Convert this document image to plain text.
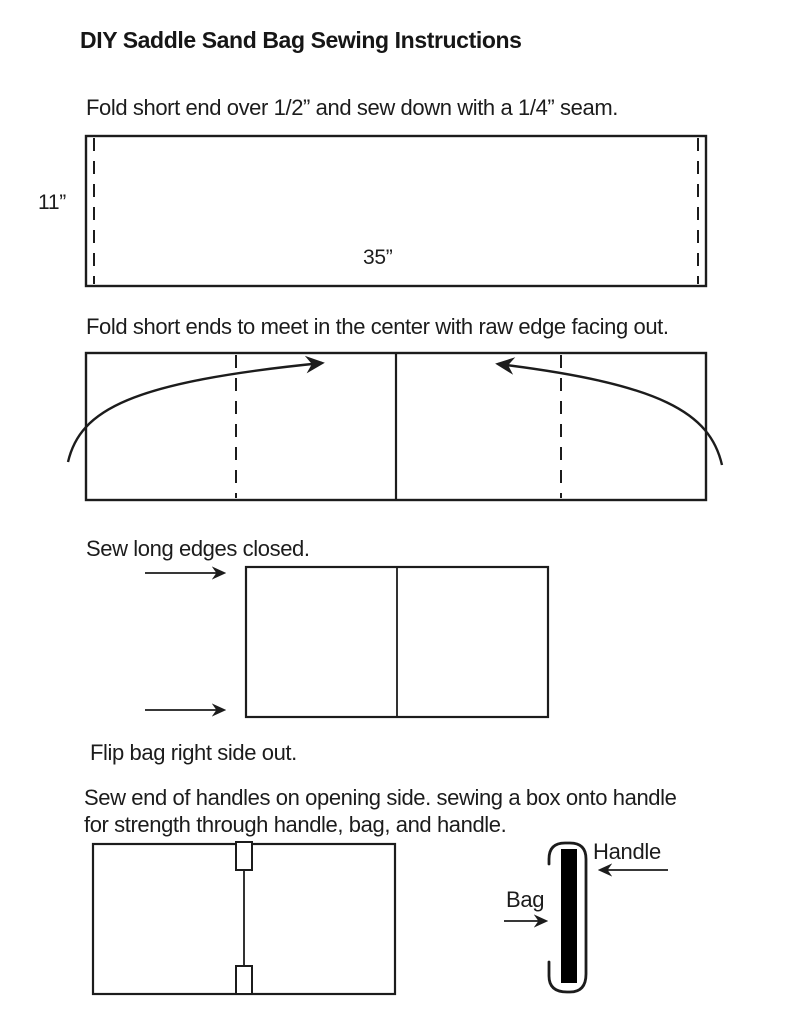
DIY Saddle Sand Bag Sewing Instructions
Fold short end over 1/2” and sew down with a 1/4” seam.
11”
35”
Fold short ends to meet in the center with raw edge facing out.
Sew long edges closed.
Flip bag right side out.
Sew end of handles on opening side. sewing a box onto handle
for strength through handle, bag, and handle.
Handle
Bag
